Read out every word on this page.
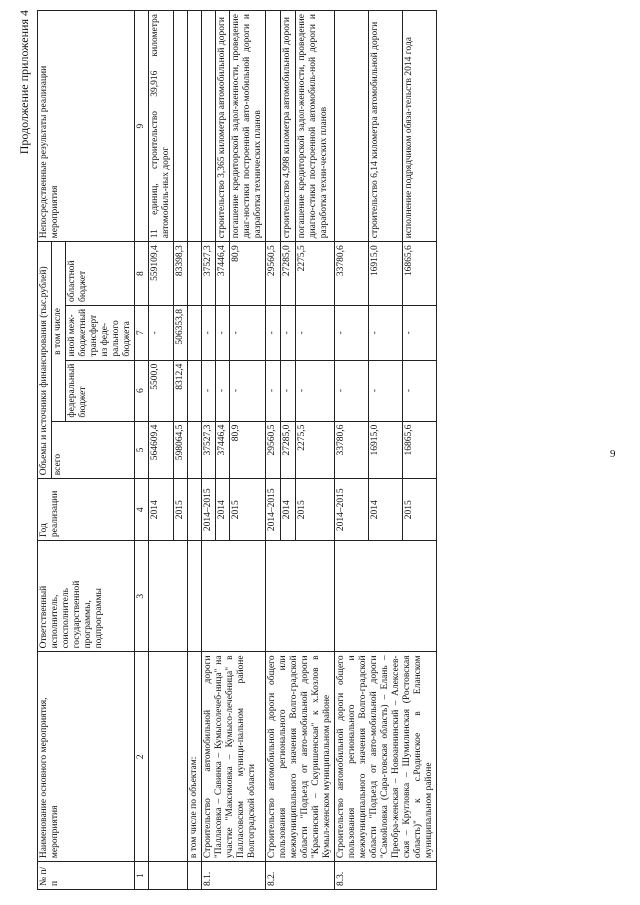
9
Продолжение приложения 4
№ п/п	Наименование основного мероприятия, мероприятия	Ответственный исполнитель, соисполнитель государственной программы, подпрограммы	Год реализации	Объемы и источники финансирования (тыс.рублей)				Непосредственные результаты реализации мероприятия
				всего	в том числе			
					федеральный бюджет	иной меж-бюджетный трансферт из феде-рального бюджета	областной бюджет	
1	2	3	4	5	6	7	8	9
			2014	564609,4	5500,0	-	559109,4	11 единиц, строительство 39,916 километра автомобиль-ных дорог
			2015	598064,5	8312,4	506353,8	83398,3	
	в том числе по объектам:							
8.1.	Строительство автомобильной дороги "Палласовка – Савинка – Кумысолечеб-ница" на участке "Максимовка – Кумысо-лечебница" в Палласовском муници-пальном районе Волгоградской области		2014–2015	37527,3	-	-	37527,3	
			2014	37446,4	-	-	37446,4	строительство 3,365 километра автомобильной дороги
			2015	80,9	-	-	80,9	погашение кредиторской задол-женности, проведение диаг-ностики построенной авто-мобильной дороги и разработка технических планов
8.2.	Строительство автомобильной дороги общего пользования регионального или межмуниципального значения Волго-градской области "Подъезд от авто-мобильной дороги "Красинский – Скуришенская" к х.Козлов в Кумыл-женском муниципальном районе		2014–2015	29560,5	-	-	29560,5	
			2014	27285,0	-	-	27285,0	строительство 4,998 километра автомобильной дороги
			2015	2275,5	-	-	2275,5	погашение кредиторской задол-женности, проведение диагно-стики построенной автомобиль-ной дороги и разработка техни-ческих планов
8.3.	Строительство автомобильной дороги общего пользования регионального и межмуниципального значения Волго-градской области "Подъезд от авто-мобильной дороги "Самойловка (Сара-товская область) – Елань – Преобра-женская – Новоаннинский – Алексеев-ская – Кругловка – Шумилинская (Ростовская область)" к с.Родинское в Еланском муниципальном районе		2014–2015	33780,6	-	-	33780,6	
			2014	16915,0	-	-	16915,0	строительство 6,14 километра автомобильной дороги
			2015	16865,6	-	-	16865,6	исполнение подрядчиком обяза-тельств 2014 года
